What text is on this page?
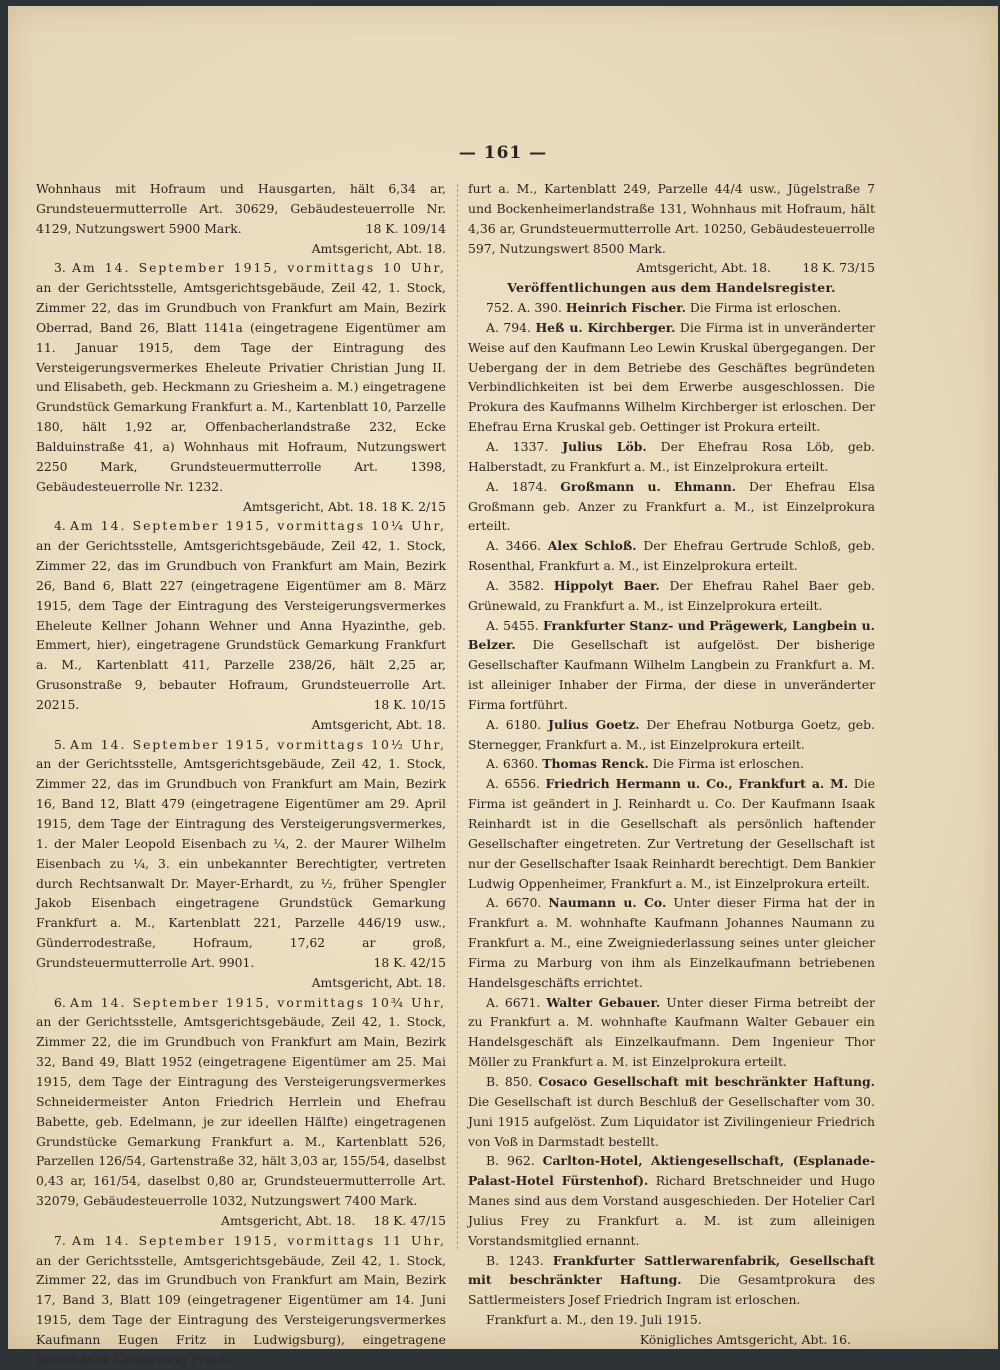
— 161 —

Wohnhaus mit Hofraum und Hausgarten, hält 6,34 ar, Grundsteuermutterrolle Art. 30629, Gebäudesteuerrolle Nr. 4129, Nutzungswert 5900 Mark.	18 K. 109/14

Amtsgericht, Abt. 18.

3. Am 14. September 1915, vormittags 10 Uhr, an der Gerichtsstelle, Amtsgerichtsgebäude, Zeil 42, 1. Stock, Zimmer 22, das im Grundbuch von Frankfurt am Main, Bezirk Oberrad, Band 26, Blatt 1141a (eingetragene Eigentümer am 11. Januar 1915, dem Tage der Eintragung des Versteigerungsvermerkes Eheleute Privatier Christian Jung II. und Elisabeth, geb. Heckmann zu Griesheim a. M.) eingetragene Grundstück Gemarkung Frankfurt a. M., Kartenblatt 10, Parzelle 180, hält 1,92 ar, Offenbacherlandstraße 232, Ecke Balduinstraße 41, a) Wohnhaus mit Hofraum, Nutzungswert 2250 Mark, Grundsteuermutterrolle Art. 1398, Gebäudesteuerrolle Nr. 1232.

Amtsgericht, Abt. 18. 18 K. 2/15

4. Am 14. September 1915, vormittags 10¼ Uhr, an der Gerichtsstelle, Amtsgerichtsgebäude, Zeil 42, 1. Stock, Zimmer 22, das im Grundbuch von Frankfurt am Main, Bezirk 26, Band 6, Blatt 227 (eingetragene Eigentümer am 8. März 1915, dem Tage der Eintragung des Versteigerungsvermerkes Eheleute Kellner Johann Wehner und Anna Hyazinthe, geb. Emmert, hier), eingetragene Grundstück Gemarkung Frankfurt a. M., Kartenblatt 411, Parzelle 238/26, hält 2,25 ar, Grusonstraße 9, bebauter Hofraum, Grundsteuerrolle Art. 20215.	18 K. 10/15

Amtsgericht, Abt. 18.

5. Am 14. September 1915, vormittags 10½ Uhr, an der Gerichtsstelle, Amtsgerichtsgebäude, Zeil 42, 1. Stock, Zimmer 22, das im Grundbuch von Frankfurt am Main, Bezirk 16, Band 12, Blatt 479 (eingetragene Eigentümer am 29. April 1915, dem Tage der Eintragung des Versteigerungsvermerkes, 1. der Maler Leopold Eisenbach zu ¼, 2. der Maurer Wilhelm Eisenbach zu ¼, 3. ein unbekannter Berechtigter, vertreten durch Rechtsanwalt Dr. Mayer-Erhardt, zu ½, früher Spengler Jakob Eisenbach eingetragene Grundstück Gemarkung Frankfurt a. M., Kartenblatt 221, Parzelle 446/19 usw., Günderrodestraße, Hofraum, 17,62 ar groß, Grundsteuermutterrolle Art. 9901.	18 K. 42/15

Amtsgericht, Abt. 18.

6. Am 14. September 1915, vormittags 10¾ Uhr, an der Gerichtsstelle, Amtsgerichtsgebäude, Zeil 42, 1. Stock, Zimmer 22, die im Grundbuch von Frankfurt am Main, Bezirk 32, Band 49, Blatt 1952 (eingetragene Eigentümer am 25. Mai 1915, dem Tage der Eintragung des Versteigerungsvermerkes Schneidermeister Anton Friedrich Herrlein und Ehefrau Babette, geb. Edelmann, je zur ideellen Hälfte) eingetragenen Grundstücke Gemarkung Frankfurt a. M., Kartenblatt 526, Parzellen 126/54, Gartenstraße 32, hält 3,03 ar, 155/54, daselbst 0,43 ar, 161/54, daselbst 0,80 ar, Grundsteuermutterrolle Art. 32079, Gebäudesteuerrolle 1032, Nutzungswert 7400 Mark.
18 K. 47/15

Amtsgericht, Abt. 18.

7. Am 14. September 1915, vormittags 11 Uhr, an der Gerichtsstelle, Amtsgerichtsgebäude, Zeil 42, 1. Stock, Zimmer 22, das im Grundbuch von Frankfurt am Main, Bezirk 17, Band 3, Blatt 109 (eingetragener Eigentümer am 14. Juni 1915, dem Tage der Eintragung des Versteigerungsvermerkes Kaufmann Eugen Fritz in Ludwigsburg), eingetragene Grundstück Gemarkung Frank-

furt a. M., Kartenblatt 249, Parzelle 44/4 usw., Jügelstraße 7 und Bockenheimerlandstraße 131, Wohnhaus mit Hofraum, hält 4,36 ar, Grundsteuermutterrolle Art. 10250, Gebäudesteuerrolle 597, Nutzungswert 8500 Mark.

Amtsgericht, Abt. 18.	18 K. 73/15

Veröffentlichungen aus dem Handelsregister.

752. A. 390. Heinrich Fischer. Die Firma ist erloschen.

A. 794. Heß u. Kirchberger. Die Firma ist in unveränderter Weise auf den Kaufmann Leo Lewin Kruskal übergegangen. Der Uebergang der in dem Betriebe des Geschäftes begründeten Verbindlichkeiten ist bei dem Erwerbe ausgeschlossen. Die Prokura des Kaufmanns Wilhelm Kirchberger ist erloschen. Der Ehefrau Erna Kruskal geb. Oettinger ist Prokura erteilt.

A. 1337. Julius Löb. Der Ehefrau Rosa Löb, geb. Halberstadt, zu Frankfurt a. M., ist Einzelprokura erteilt.

A. 1874. Großmann u. Ehmann. Der Ehefrau Elsa Großmann geb. Anzer zu Frankfurt a. M., ist Einzelprokura erteilt.

A. 3466. Alex Schloß. Der Ehefrau Gertrude Schloß, geb. Rosenthal, Frankfurt a. M., ist Einzelprokura erteilt.

A. 3582. Hippolyt Baer. Der Ehefrau Rahel Baer geb. Grünewald, zu Frankfurt a. M., ist Einzelprokura erteilt.

A. 5455. Frankfurter Stanz- und Prägewerk, Langbein u. Belzer. Die Gesellschaft ist aufgelöst. Der bisherige Gesellschafter Kaufmann Wilhelm Langbein zu Frankfurt a. M. ist alleiniger Inhaber der Firma, der diese in unveränderter Firma fortführt.

A. 6180. Julius Goetz. Der Ehefrau Notburga Goetz, geb. Sternegger, Frankfurt a. M., ist Einzelprokura erteilt.

A. 6360. Thomas Renck. Die Firma ist erloschen.

A. 6556. Friedrich Hermann u. Co., Frankfurt a. M. Die Firma ist geändert in J. Reinhardt u. Co. Der Kaufmann Isaak Reinhardt ist in die Gesellschaft als persönlich haftender Gesellschafter eingetreten. Zur Vertretung der Gesellschaft ist nur der Gesellschafter Isaak Reinhardt berechtigt. Dem Bankier Ludwig Oppenheimer, Frankfurt a. M., ist Einzelprokura erteilt.

A. 6670. Naumann u. Co. Unter dieser Firma hat der in Frankfurt a. M. wohnhafte Kaufmann Johannes Naumann zu Frankfurt a. M., eine Zweigniederlassung seines unter gleicher Firma zu Marburg von ihm als Einzelkaufmann betriebenen Handelsgeschäfts errichtet.

A. 6671. Walter Gebauer. Unter dieser Firma betreibt der zu Frankfurt a. M. wohnhafte Kaufmann Walter Gebauer ein Handelsgeschäft als Einzelkaufmann. Dem Ingenieur Thor Möller zu Frankfurt a. M. ist Einzelprokura erteilt.

B. 850. Cosaco Gesellschaft mit beschränkter Haftung. Die Gesellschaft ist durch Beschluß der Gesellschafter vom 30. Juni 1915 aufgelöst. Zum Liquidator ist Zivilingenieur Friedrich von Voß in Darmstadt bestellt.

B. 962. Carlton-Hotel, Aktiengesellschaft, (Esplanade-Palast-Hotel Fürstenhof). Richard Bretschneider und Hugo Manes sind aus dem Vorstand ausgeschieden. Der Hotelier Carl Julius Frey zu Frankfurt a. M. ist zum alleinigen Vorstandsmitglied ernannt.

B. 1243. Frankfurter Sattlerwarenfabrik, Gesellschaft mit beschränkter Haftung. Die Gesamtprokura des Sattlermeisters Josef Friedrich Ingram ist erloschen.

Frankfurt a. M., den 19. Juli 1915.

Königliches Amtsgericht, Abt. 16.
